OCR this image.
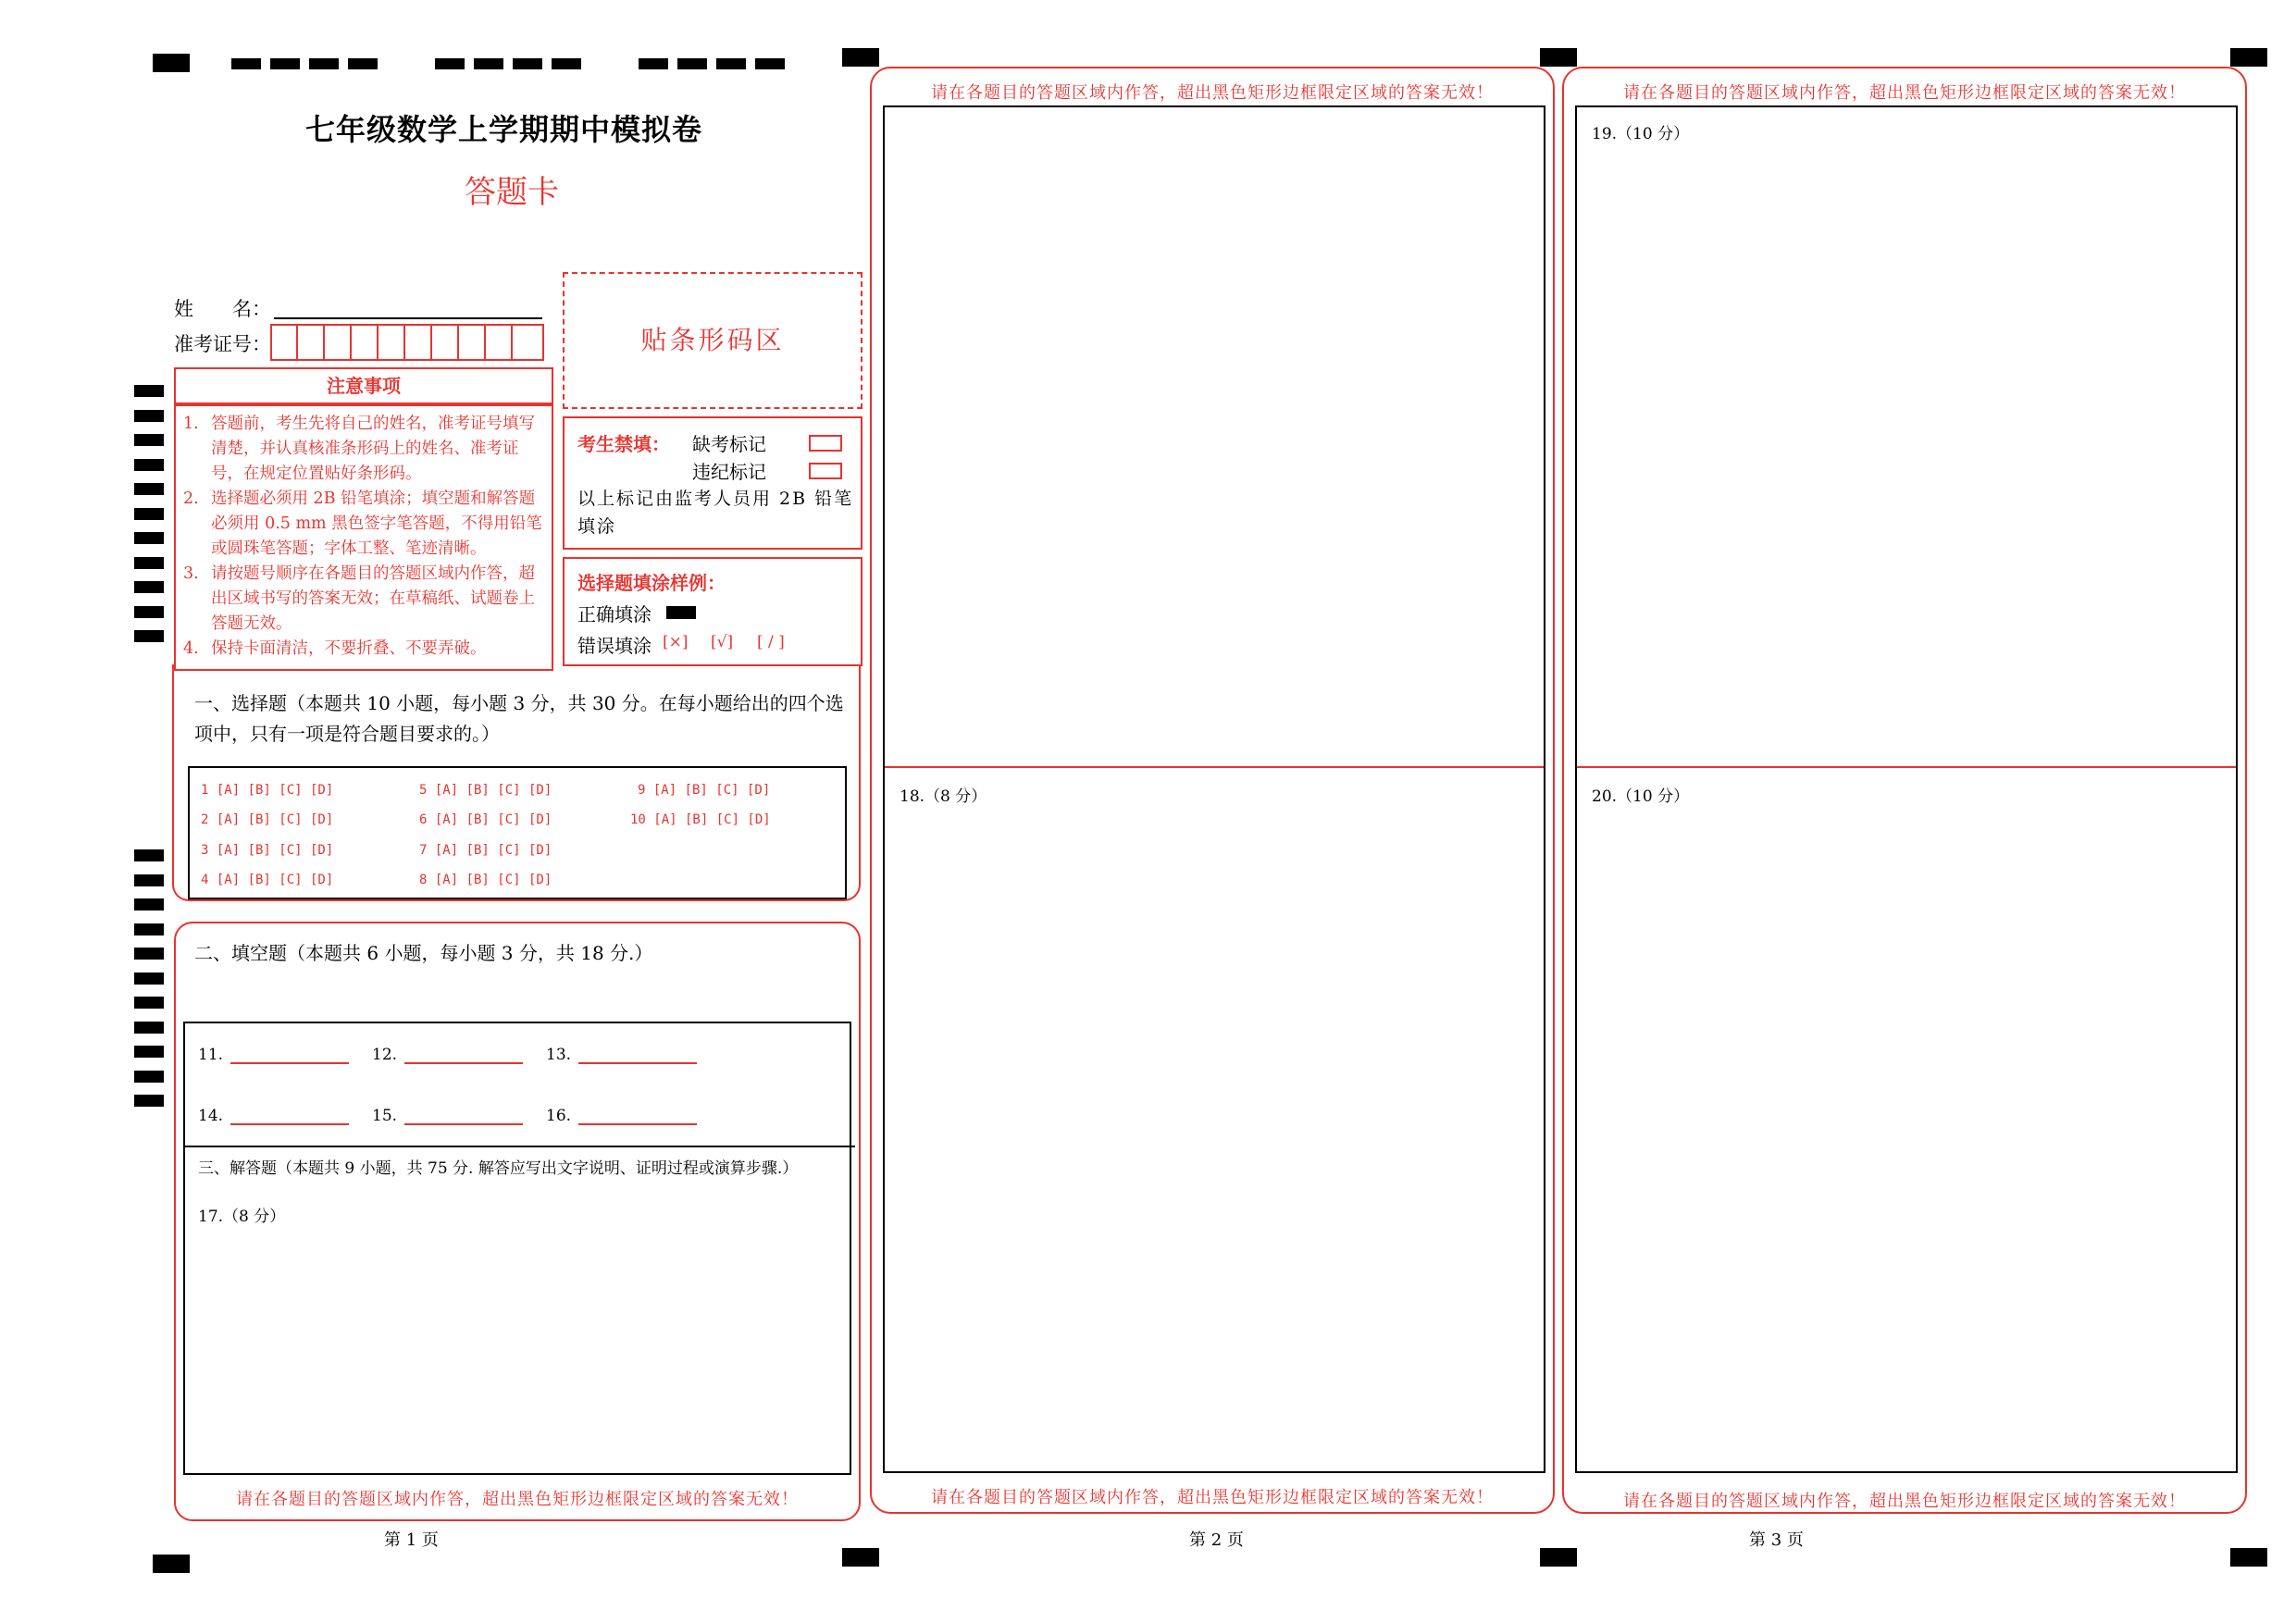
七年级数学上学期期中模拟卷
答题卡
姓　　名：
准考证号：	贴条形码区
注意事项
1. 答题前，考生先将自己的姓名，准考证号填写清楚，并认真核准条形码上的姓名、准考证号，在规定位置贴好条形码。
2. 选择题必须用 2B 铅笔填涂；填空题和解答题必须用 0.5 mm 黑色签字笔答题，不得用铅笔或圆珠笔答题；字体工整、笔迹清晰。
3. 请按题号顺序在各题目的答题区域内作答，超出区域书写的答案无效；在草稿纸、试题卷上答题无效。
4. 保持卡面清洁，不要折叠、不要弄破。
考生禁填： 缺考标记
违纪标记
以上标记由监考人员用 2B 铅笔填涂
选择题填涂样例：
正确填涂
错误填涂 [×] [√] [ / ]
一、选择题（本题共 10 小题，每小题 3 分，共 30 分。在每小题给出的四个选项中，只有一项是符合题目要求的。）
1 [A] [B] [C] [D]
2 [A] [B] [C] [D]
3 [A] [B] [C] [D]
4 [A] [B] [C] [D]
5 [A] [B] [C] [D]
6 [A] [B] [C] [D]
7 [A] [B] [C] [D]
8 [A] [B] [C] [D]
9 [A] [B] [C] [D]
10 [A] [B] [C] [D]
二、填空题（本题共 6 小题，每小题 3 分，共 18 分.）
11.	12.	13.
14.	15.	16.
三、解答题（本题共 9 小题，共 75 分. 解答应写出文字说明、证明过程或演算步骤.）
17.（8 分）
请在各题目的答题区域内作答，超出黑色矩形边框限定区域的答案无效！
请在各题目的答题区域内作答，超出黑色矩形边框限定区域的答案无效！
18.（8 分）
请在各题目的答题区域内作答，超出黑色矩形边框限定区域的答案无效！
请在各题目的答题区域内作答，超出黑色矩形边框限定区域的答案无效！
19.（10 分）
20.（10 分）
请在各题目的答题区域内作答，超出黑色矩形边框限定区域的答案无效！
第 1 页	第 2 页	第 3 页
